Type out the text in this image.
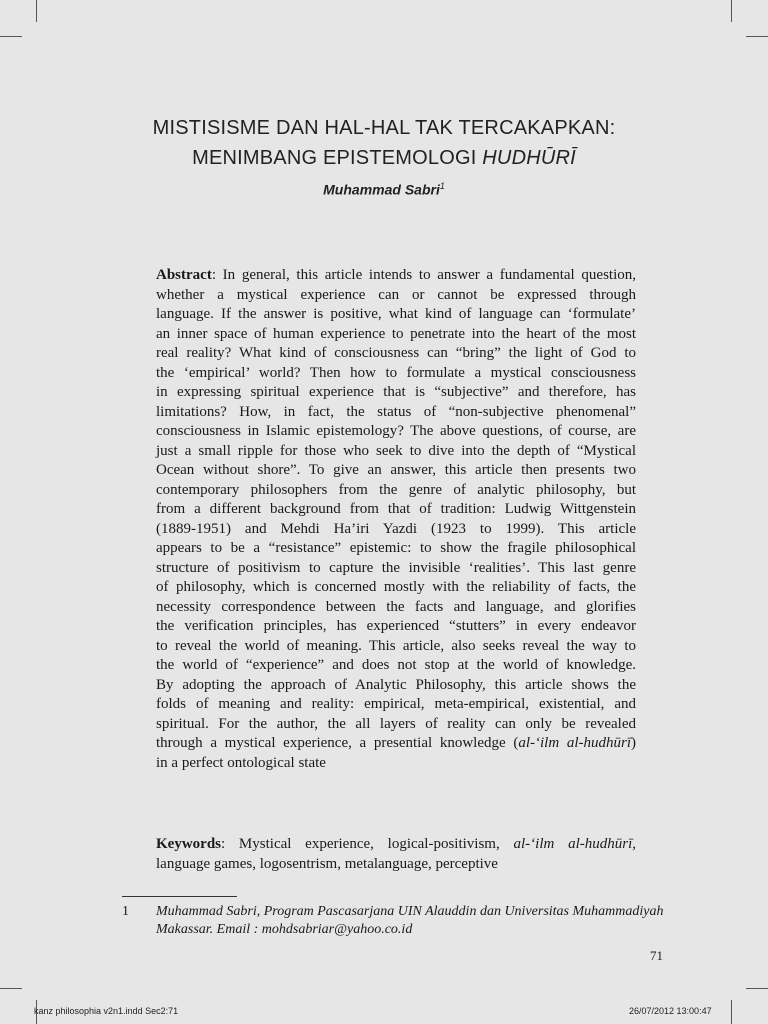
MISTISISME DAN HAL-HAL TAK TERCAKAPKAN:
MENIMBANG EPISTEMOLOGI HUDHŪRĪ
Muhammad Sabri$^1$
Abstract: In general, this article intends to answer a fundamental question,
whether a mystical experience can or cannot be expressed through
language. If the answer is positive, what kind of language can ‘formulate’
an inner space of human experience to penetrate into the heart of the most
real reality? What kind of consciousness can “bring” the light of God to
the ‘empirical’ world? Then how to formulate a mystical consciousness
in expressing spiritual experience that is “subjective” and therefore, has
limitations? How, in fact, the status of “non-subjective phenomenal”
consciousness in Islamic epistemology? The above questions, of course, are
just a small ripple for those who seek to dive into the depth of “Mystical
Ocean without shore”. To give an answer, this article then presents two
contemporary philosophers from the genre of analytic philosophy, but
from a different background from that of tradition: Ludwig Wittgenstein
(1889-1951) and Mehdi Ha’iri Yazdi (1923 to 1999). This article
appears to be a “resistance” epistemic: to show the fragile philosophical
structure of positivism to capture the invisible ‘realities’. This last genre
of philosophy, which is concerned mostly with the reliability of facts, the
necessity correspondence between the facts and language, and glorifies
the verification principles, has experienced “stutters” in every endeavor
to reveal the world of meaning. This article, also seeks reveal the way to
the world of “experience” and does not stop at the world of knowledge.
By adopting the approach of Analytic Philosophy, this article shows the
folds of meaning and reality: empirical, meta-empirical, existential, and
spiritual. For the author, the all layers of reality can only be revealed
through a mystical experience, a presential knowledge (al-‘ilm al-hudhūrī)
in a perfect ontological state
Keywords: Mystical experience, logical-positivism, al-‘ilm al-hudhūrī,
language games, logosentrism, metalanguage, perceptive
1 Muhammad Sabri, Program Pascasarjana UIN Alauddin dan Universitas Muhammadiyah
Makassar. Email : mohdsabriar@yahoo.co.id
71
kanz philosophia v2n1.indd Sec2:71	26/07/2012 13:00:47
